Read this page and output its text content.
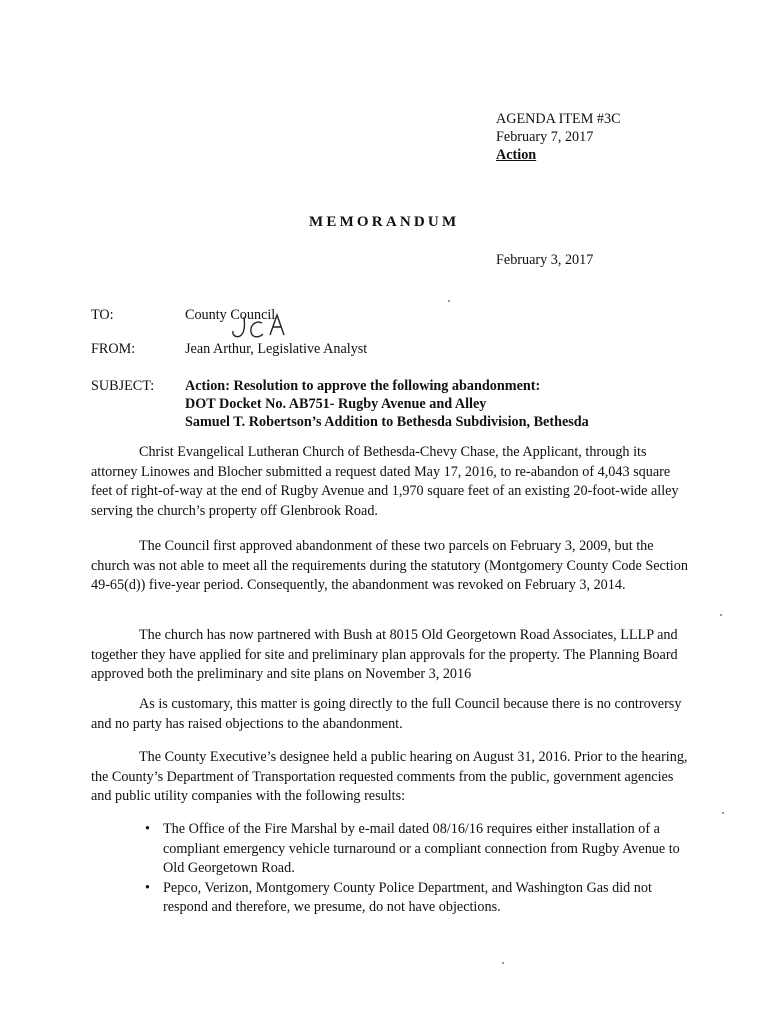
AGENDA ITEM #3C
February 7, 2017
Action
MEMORANDUM
February 3, 2017
TO:	County Council
FROM:	Jean Arthur, Legislative Analyst
SUBJECT: Action: Resolution to approve the following abandonment:
DOT Docket No. AB751- Rugby Avenue and Alley
Samuel T. Robertson’s Addition to Bethesda Subdivision, Bethesda

Christ Evangelical Lutheran Church of Bethesda-Chevy Chase, the Applicant, through its attorney Linowes and Blocher submitted a request dated May 17, 2016, to re-abandon of 4,043 square feet of right-of-way at the end of Rugby Avenue and 1,970 square feet of an existing 20-foot-wide alley serving the church’s property off Glenbrook Road.

The Council first approved abandonment of these two parcels on February 3, 2009, but the church was not able to meet all the requirements during the statutory (Montgomery County Code Section 49-65(d)) five-year period. Consequently, the abandonment was revoked on February 3, 2014.

The church has now partnered with Bush at 8015 Old Georgetown Road Associates, LLLP and together they have applied for site and preliminary plan approvals for the property. The Planning Board approved both the preliminary and site plans on November 3, 2016

As is customary, this matter is going directly to the full Council because there is no controversy and no party has raised objections to the abandonment.

The County Executive’s designee held a public hearing on August 31, 2016. Prior to the hearing, the County’s Department of Transportation requested comments from the public, government agencies and public utility companies with the following results:

• The Office of the Fire Marshal by e-mail dated 08/16/16 requires either installation of a compliant emergency vehicle turnaround or a compliant connection from Rugby Avenue to Old Georgetown Road.
• Pepco, Verizon, Montgomery County Police Department, and Washington Gas did not respond and therefore, we presume, do not have objections.
